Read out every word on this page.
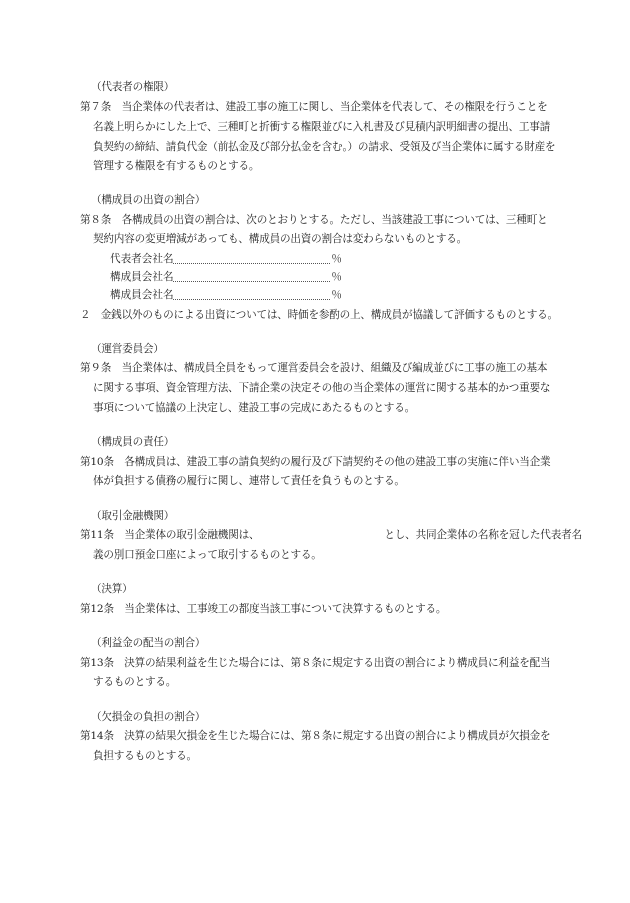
（代表者の権限）
第７条　当企業体の代表者は、建設工事の施工に関し、当企業体を代表して、その権限を行うことを
名義上明らかにした上で、三種町と折衝する権限並びに入札書及び見積内訳明細書の提出、工事請
負契約の締結、請負代金（前払金及び部分払金を含む。）の請求、受領及び当企業体に属する財産を
管理する権限を有するものとする。
（構成員の出資の割合）
第８条　各構成員の出資の割合は、次のとおりとする。ただし、当該建設工事については、三種町と
契約内容の変更増減があっても、構成員の出資の割合は変わらないものとする。
代表者会社名	％
構成員会社名	％
構成員会社名	％
２　金銭以外のものによる出資については、時価を参酌の上、構成員が協議して評価するものとする。
（運営委員会）
第９条　当企業体は、構成員全員をもって運営委員会を設け、組織及び編成並びに工事の施工の基本
に関する事項、資金管理方法、下請企業の決定その他の当企業体の運営に関する基本的かつ重要な
事項について協議の上決定し、建設工事の完成にあたるものとする。
（構成員の責任）
第10条　各構成員は、建設工事の請負契約の履行及び下請契約その他の建設工事の実施に伴い当企業
体が負担する債務の履行に関し、連帯して責任を負うものとする。
（取引金融機関）
第11条　当企業体の取引金融機関は、	とし、共同企業体の名称を冠した代表者名
義の別口預金口座によって取引するものとする。
（決算）
第12条　当企業体は、工事竣工の都度当該工事について決算するものとする。
（利益金の配当の割合）
第13条　決算の結果利益を生じた場合には、第８条に規定する出資の割合により構成員に利益を配当
するものとする。
（欠損金の負担の割合）
第14条　決算の結果欠損金を生じた場合には、第８条に規定する出資の割合により構成員が欠損金を
負担するものとする。
